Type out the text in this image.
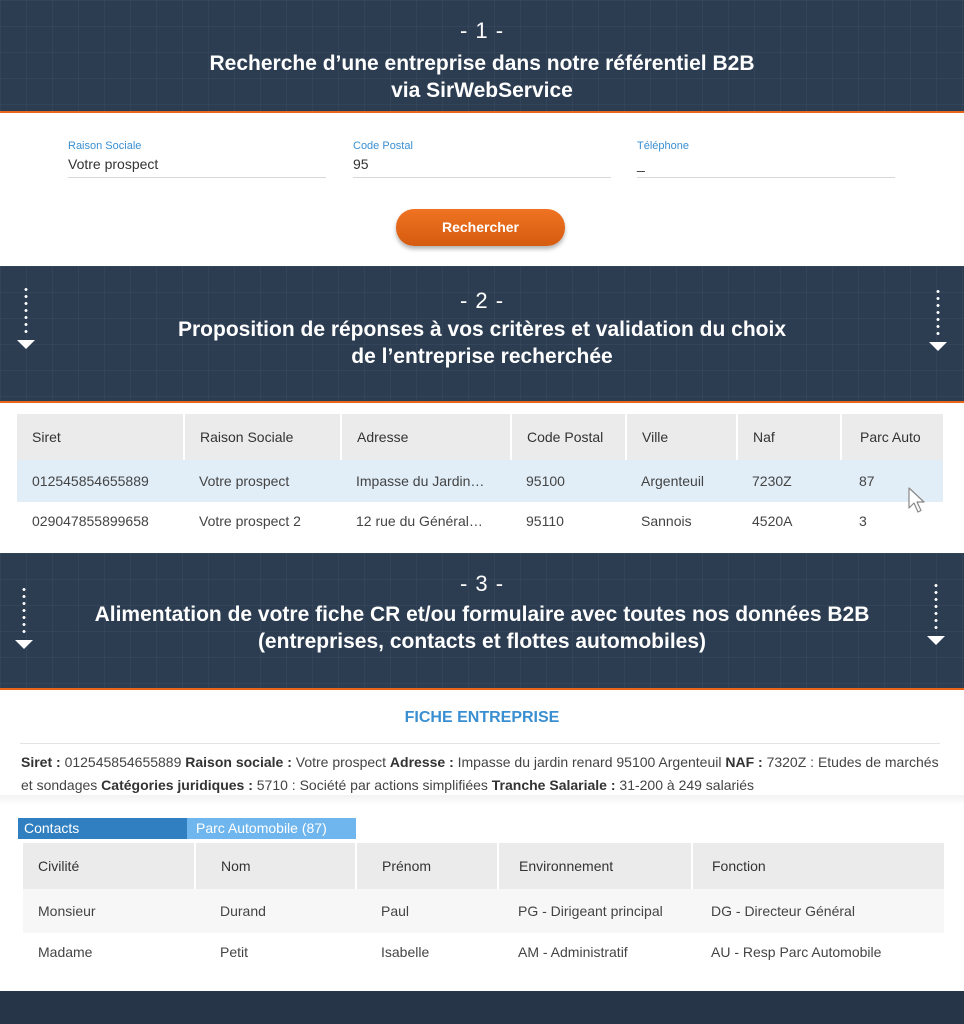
- 1 -
Recherche d’une entreprise dans notre référentiel B2B
via SirWebService
Raison Sociale
Votre prospect
Code Postal
95
Téléphone
_
Rechercher
- 2 -
Proposition de réponses à vos critères et validation du choix
de l’entreprise recherchée
Siret	Raison Sociale	Adresse	Code Postal	Ville	Naf	Parc Auto
012545854655889	Votre prospect	Impasse du Jardin…	95100	Argenteuil	7230Z	87
029047855899658	Votre prospect 2	12 rue du Général…	95110	Sannois	4520A	3
- 3 -
Alimentation de votre fiche CR et/ou formulaire avec toutes nos données B2B
(entreprises, contacts et flottes automobiles)
FICHE ENTREPRISE
Siret : 012545854655889 Raison sociale : Votre prospect Adresse : Impasse du jardin renard 95100 Argenteuil NAF : 7320Z : Etudes de marchés et sondages Catégories juridiques : 5710 : Société par actions simplifiées Tranche Salariale : 31-200 à 249 salariés
Contacts	Parc Automobile (87)
Civilité	Nom	Prénom	Environnement	Fonction
Monsieur	Durand	Paul	PG - Dirigeant principal	DG - Directeur Général
Madame	Petit	Isabelle	AM - Administratif	AU - Resp Parc Automobile
